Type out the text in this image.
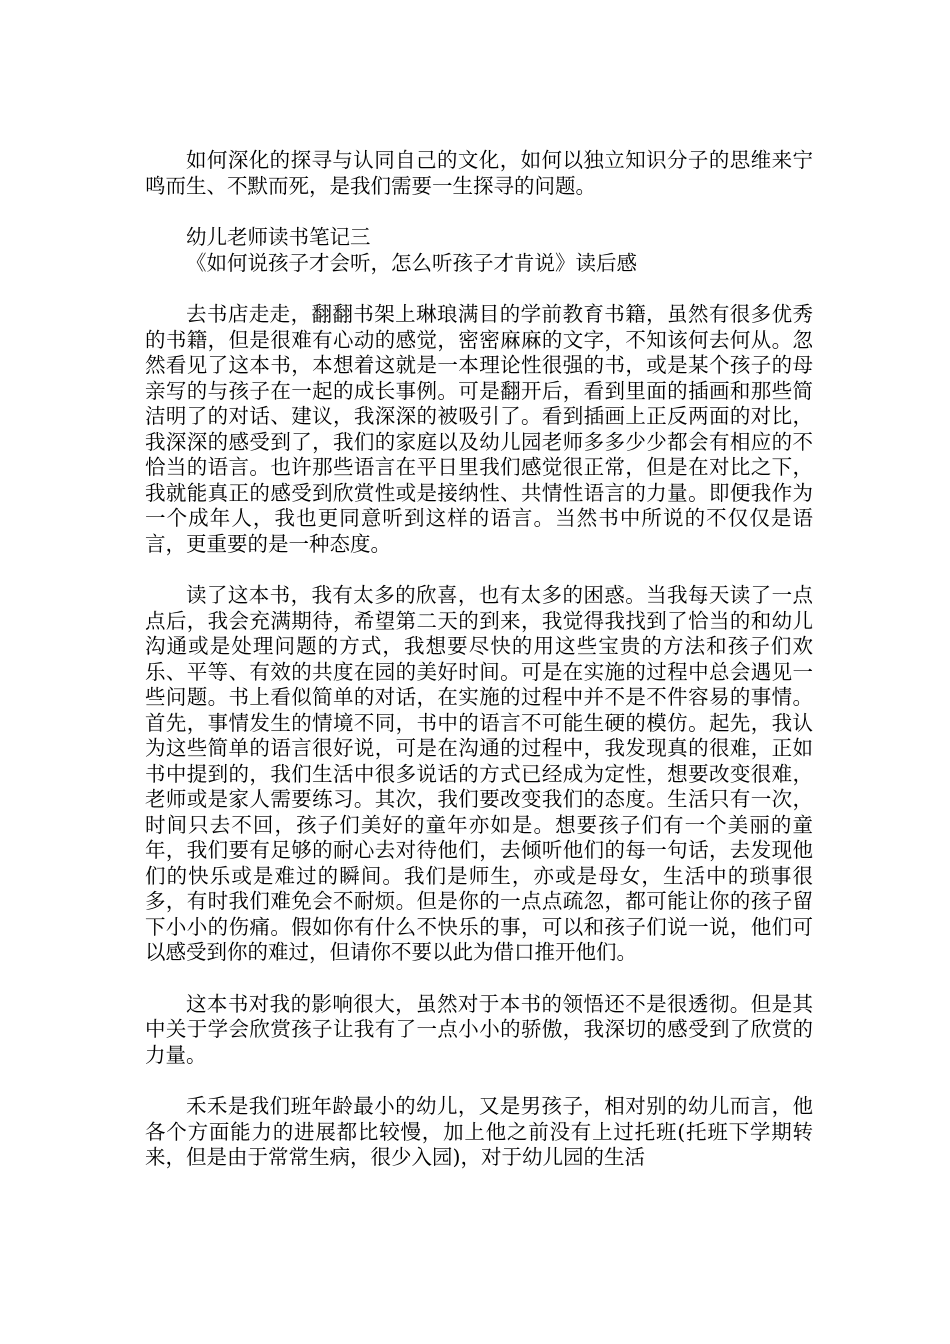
如何深化的探寻与认同自己的文化，如何以独立知识分子的思维来宁鸣而生、不默而死，是我们需要一生探寻的问题。

幼儿老师读书笔记三

《如何说孩子才会听，怎么听孩子才肯说》读后感

去书店走走，翻翻书架上琳琅满目的学前教育书籍，虽然有很多优秀的书籍，但是很难有心动的感觉，密密麻麻的文字，不知该何去何从。忽然看见了这本书，本想着这就是一本理论性很强的书，或是某个孩子的母亲写的与孩子在一起的成长事例。可是翻开后，看到里面的插画和那些简洁明了的对话、建议，我深深的被吸引了。看到插画上正反两面的对比，我深深的感受到了，我们的家庭以及幼儿园老师多多少少都会有相应的不恰当的语言。也许那些语言在平日里我们感觉很正常，但是在对比之下，我就能真正的感受到欣赏性或是接纳性、共情性语言的力量。即便我作为一个成年人，我也更同意听到这样的语言。当然书中所说的不仅仅是语言，更重要的是一种态度。

读了这本书，我有太多的欣喜，也有太多的困惑。当我每天读了一点点后，我会充满期待，希望第二天的到来，我觉得我找到了恰当的和幼儿沟通或是处理问题的方式，我想要尽快的用这些宝贵的方法和孩子们欢乐、平等、有效的共度在园的美好时间。可是在实施的过程中总会遇见一些问题。书上看似简单的对话，在实施的过程中并不是不件容易的事情。首先，事情发生的情境不同，书中的语言不可能生硬的模仿。起先，我认为这些简单的语言很好说，可是在沟通的过程中，我发现真的很难，正如书中提到的，我们生活中很多说话的方式已经成为定性，想要改变很难，老师或是家人需要练习。其次，我们要改变我们的态度。生活只有一次，时间只去不回，孩子们美好的童年亦如是。想要孩子们有一个美丽的童年，我们要有足够的耐心去对待他们，去倾听他们的每一句话，去发现他们的快乐或是难过的瞬间。我们是师生，亦或是母女，生活中的琐事很多，有时我们难免会不耐烦。但是你的一点点疏忽，都可能让你的孩子留下小小的伤痛。假如你有什么不快乐的事，可以和孩子们说一说，他们可以感受到你的难过，但请你不要以此为借口推开他们。

这本书对我的影响很大，虽然对于本书的领悟还不是很透彻。但是其中关于学会欣赏孩子让我有了一点小小的骄傲，我深切的感受到了欣赏的力量。

禾禾是我们班年龄最小的幼儿，又是男孩子，相对别的幼儿而言，他各个方面能力的进展都比较慢，加上他之前没有上过托班(托班下学期转来，但是由于常常生病，很少入园)，对于幼儿园的生活
